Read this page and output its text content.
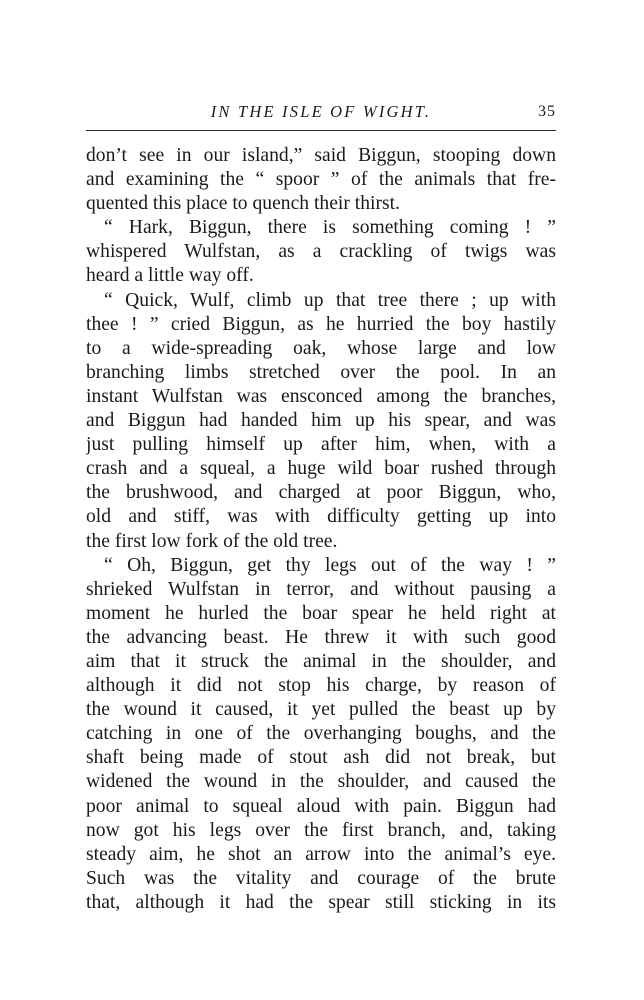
IN THE ISLE OF WIGHT.	35
don’t see in our island,” said Biggun, stooping down
and examining the “ spoor ” of the animals that fre-
quented this place to quench their thirst.
“ Hark, Biggun, there is something coming ! ”
whispered Wulfstan, as a crackling of twigs was
heard a little way off.
“ Quick, Wulf, climb up that tree there ; up with
thee ! ” cried Biggun, as he hurried the boy hastily
to a wide-spreading oak, whose large and low
branching limbs stretched over the pool. In an
instant Wulfstan was ensconced among the branches,
and Biggun had handed him up his spear, and was
just pulling himself up after him, when, with a
crash and a squeal, a huge wild boar rushed through
the brushwood, and charged at poor Biggun, who,
old and stiff, was with difficulty getting up into
the first low fork of the old tree.
“ Oh, Biggun, get thy legs out of the way ! ”
shrieked Wulfstan in terror, and without pausing a
moment he hurled the boar spear he held right at
the advancing beast. He threw it with such good
aim that it struck the animal in the shoulder, and
although it did not stop his charge, by reason of
the wound it caused, it yet pulled the beast up by
catching in one of the overhanging boughs, and the
shaft being made of stout ash did not break, but
widened the wound in the shoulder, and caused the
poor animal to squeal aloud with pain. Biggun had
now got his legs over the first branch, and, taking
steady aim, he shot an arrow into the animal’s eye.
Such was the vitality and courage of the brute
that, although it had the spear still sticking in its
